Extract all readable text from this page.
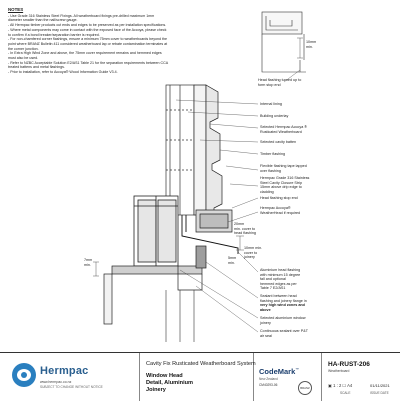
NOTES
- Use Grade 316 Stainless Steel Fixings. All weatherboard fixings pre-drilled maximum 1mm
diameter smaller than the nail/screw gauge.
- All Hermpac timber products cut ends and edges to be preserved as per installation specifications.
- Where metal components may come in contact with the exposed face of the Accoya, please check
to confirm if a bond breaker/separation barrier is required.
- For non-chamfered corner flashings, ensure a minimum 75mm cover to weatherboards beyond the
point where BRANZ Bulletin 411 considered weatherboard lap or rebate contamination terminates at
the corner junction.
- In Extra High Wind Zone and above, the 75mm cover requirement remains and hemmed edges
must also be used.
- Refer to NZBC Acceptable Solution E2/AS1 Table 21 for the separation requirements between CCA
treated battens and metal flashings.
- Prior to installation, refer to Accoya® Wood Information Guide V3.4.
10mm
min.
Head flashing turned up to
form stop end
Internal lining
Building underlay
Selected Hermpac Accoya ®
Rusticated Weatherboard
Selected cavity batten
Timber flashing
Flexible flashing tape lapped
over flashing
Hermpac Grade 316 Stainless
Steel Cavity Closure Strip
15mm above drip edge to
cladding
Head flashing stop end
Hermpac Accoya®
WeatherHead if required
20mm
min. cover to
head flashing
5mm
min.
10mm min.
cover to
joinery
7mm
min.
Aluminium head flashing
with minimum 15 degree
fall and optional
hemmed edges as per
Table 7 E2/AS1
Sealant between head
flashing and joinery flange in
very high wind zones and
above
Selected aluminium window
joinery
Continuous sealant over P&T
air seal
Hermpac
www.hermpac.co.nz
SUBJECT TO CHANGE WITHOUT NOTICE
Cavity Fix Rusticated Weatherboard System
Window Head
Detail, Aluminium
Joinery
CodeMark™
New Zealand
CM40293-06
BRANZ
HA-RUST-206
Weatherboard
▣ 1 : 2 ☐ A4
SCALE
01/11/2021
ISSUE DATE
